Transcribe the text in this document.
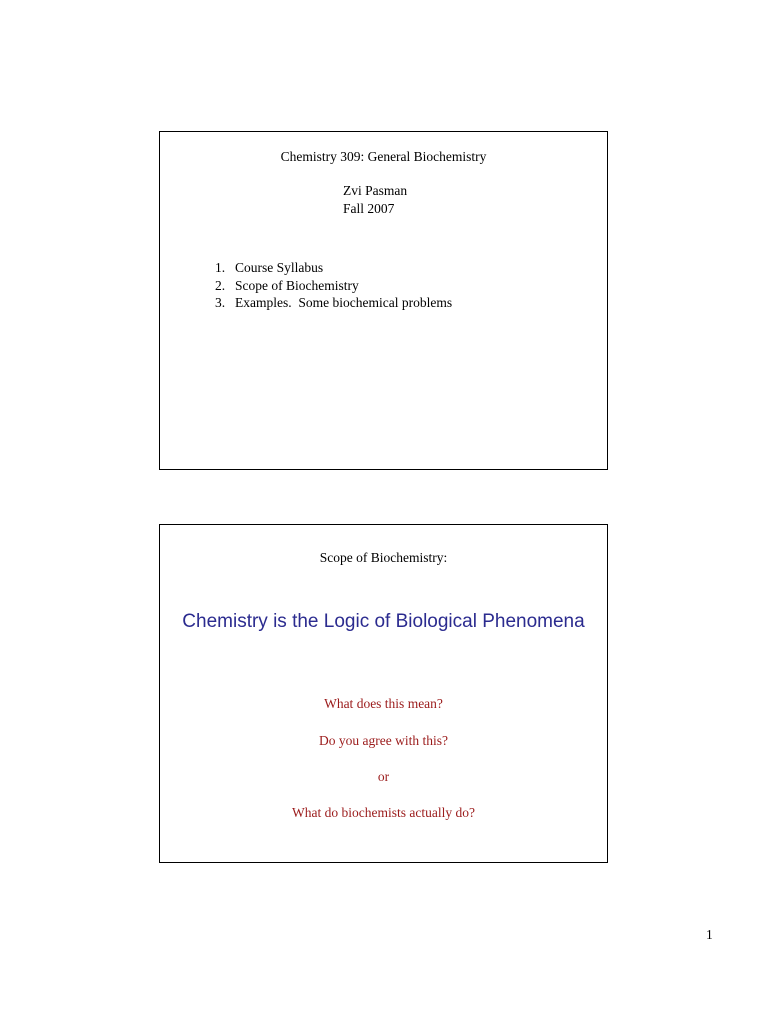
Chemistry 309: General Biochemistry
Zvi Pasman
Fall 2007
1. Course Syllabus
2. Scope of Biochemistry
3. Examples.  Some biochemical problems
Scope of Biochemistry:
Chemistry is the Logic of Biological Phenomena
What does this mean?
Do you agree with this?
or
What do biochemists actually do?
1
